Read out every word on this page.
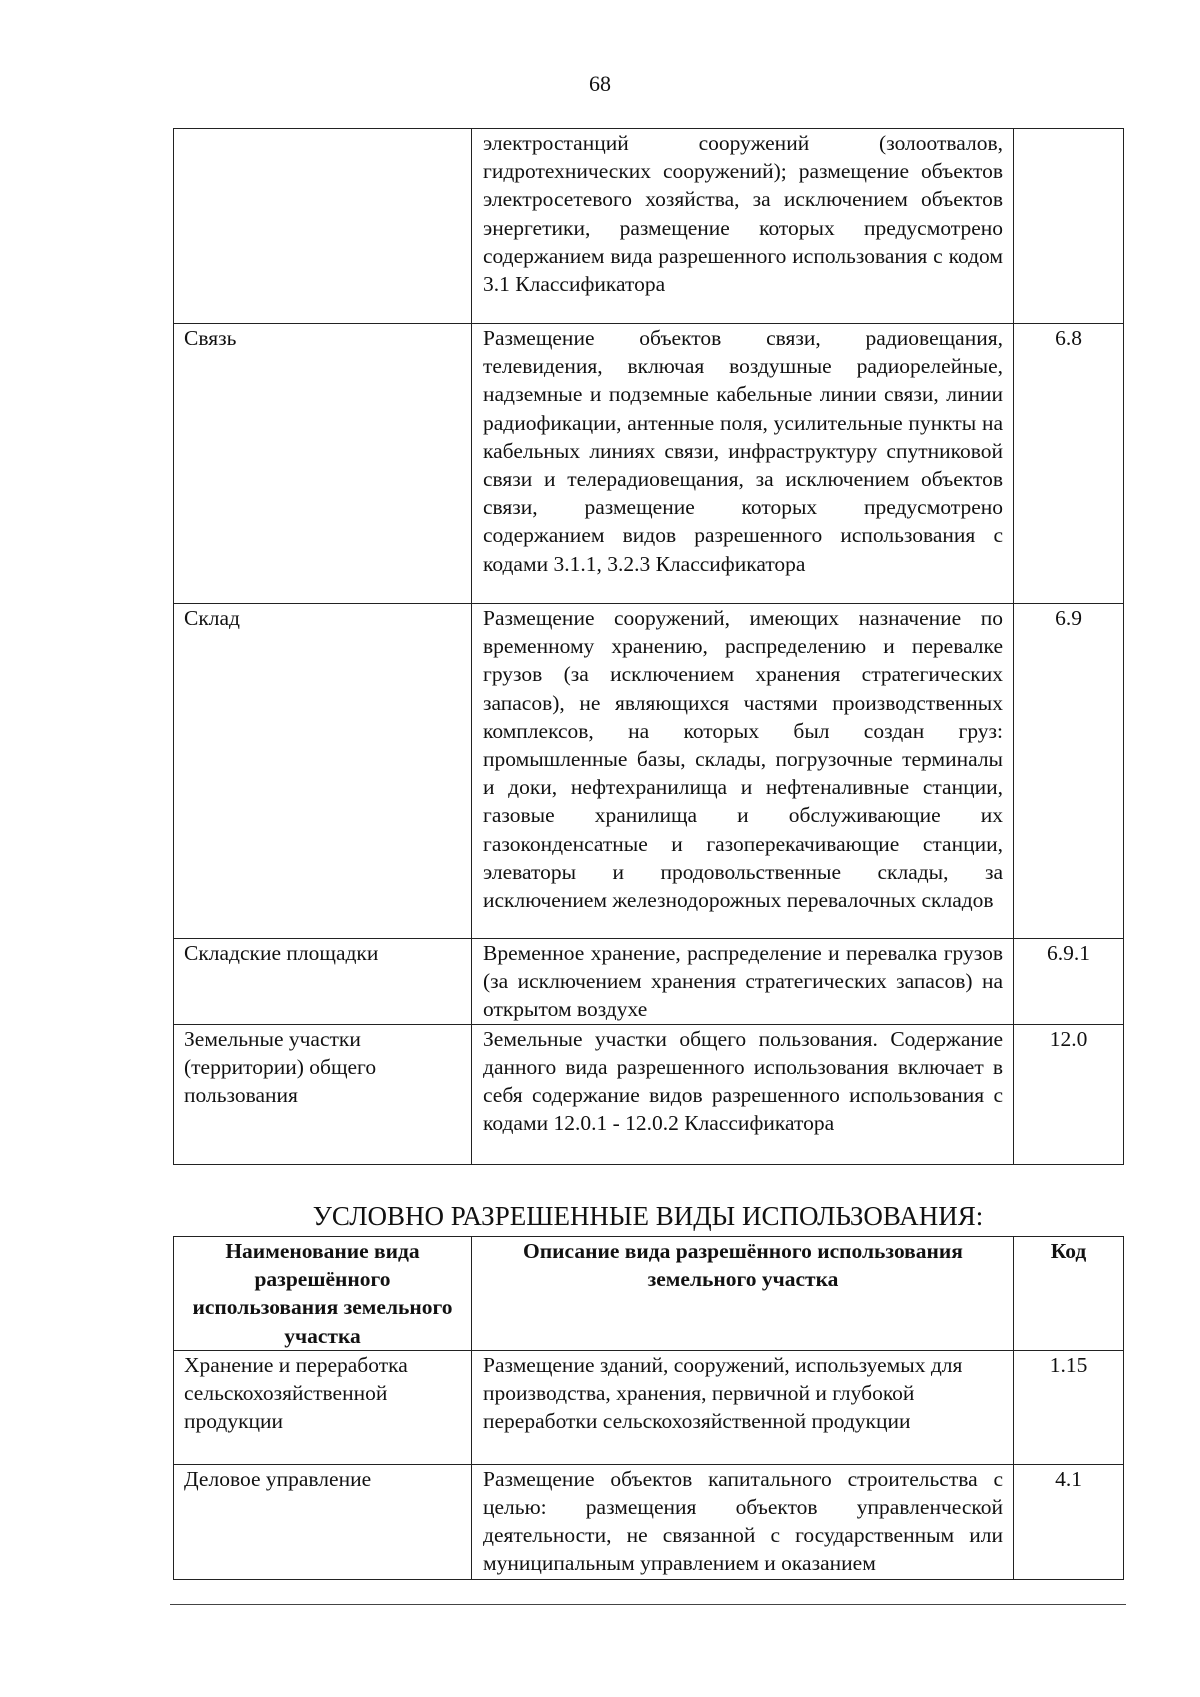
68
	электростанций сооружений (золоотвалов, гидротехнических сооружений); размещение объектов электросетевого хозяйства, за исключением объектов энергетики, размещение которых предусмотрено содержанием вида разрешенного использования с кодом 3.1 Классификатора	
Связь	Размещение объектов связи, радиовещания, телевидения, включая воздушные радиорелейные, надземные и подземные кабельные линии связи, линии радиофикации, антенные поля, усилительные пункты на кабельных линиях связи, инфраструктуру спутниковой связи и телерадиовещания, за исключением объектов связи, размещение которых предусмотрено содержанием видов разрешенного использования с кодами 3.1.1, 3.2.3 Классификатора	6.8
Склад	Размещение сооружений, имеющих назначение по временному хранению, распределению и перевалке грузов (за исключением хранения стратегических запасов), не являющихся частями производственных комплексов, на которых был создан груз: промышленные базы, склады, погрузочные терминалы и доки, нефтехранилища и нефтеналивные станции, газовые хранилища и обслуживающие их газоконденсатные и газоперекачивающие станции, элеваторы и продовольственные склады, за исключением железнодорожных перевалочных складов	6.9
Складские площадки	Временное хранение, распределение и перевалка грузов (за исключением хранения стратегических запасов) на открытом воздухе	6.9.1
Земельные участки (территории) общего пользования	Земельные участки общего пользования. Содержание данного вида разрешенного использования включает в себя содержание видов разрешенного использования с кодами 12.0.1 - 12.0.2 Классификатора	12.0
УСЛОВНО РАЗРЕШЕННЫЕ ВИДЫ ИСПОЛЬЗОВАНИЯ:
Наименование вида разрешённого использования земельного участка	Описание вида разрешённого использования земельного участка	Код
Хранение и переработка сельскохозяйственной продукции	Размещение зданий, сооружений, используемых для производства, хранения, первичной и глубокой переработки сельскохозяйственной продукции	1.15
Деловое управление	Размещение объектов капитального строительства с целью: размещения объектов управленческой деятельности, не связанной с государственным или муниципальным управлением и оказанием	4.1
